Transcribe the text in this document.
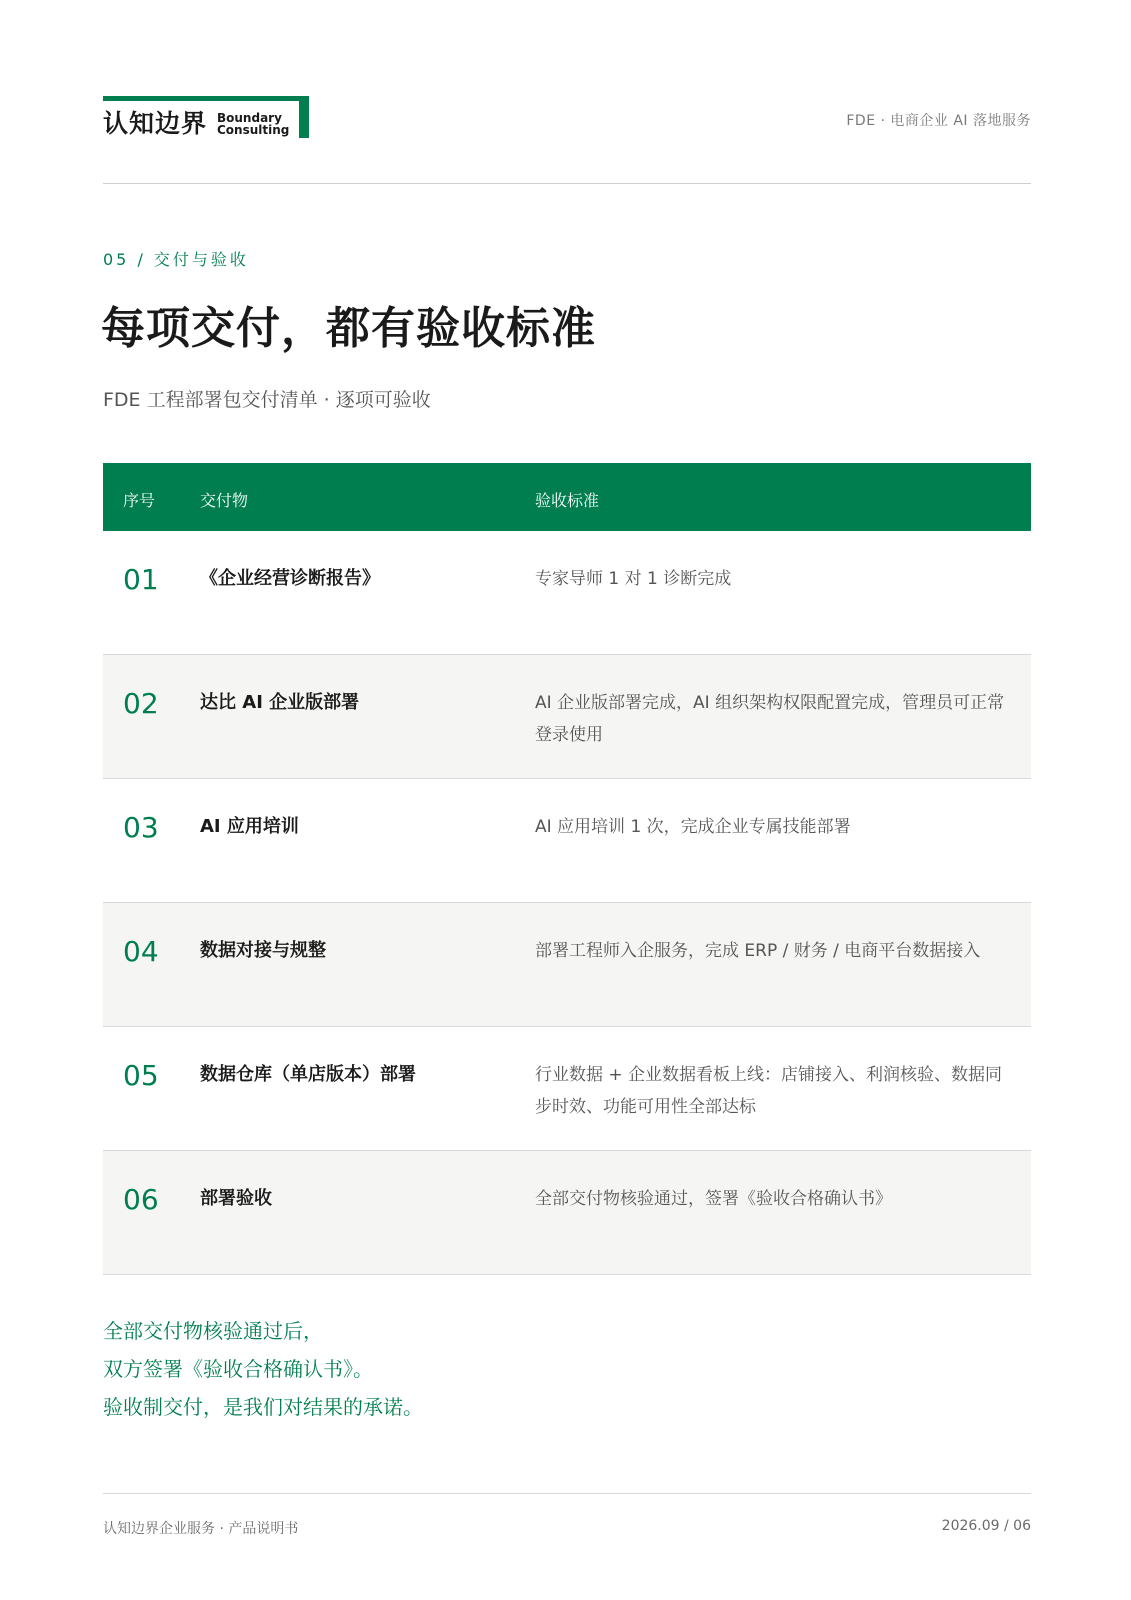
认知边界 Boundary
Consulting
FDE · 电商企业 AI 落地服务
05 / 交付与验收
每项交付，都有验收标准
FDE 工程部署包交付清单 · 逐项可验收
序号	交付物	验收标准
01 《企业经营诊断报告》	专家导师 1 对 1 诊断完成
02 达比 AI 企业版部署	AI 企业版部署完成，AI 组织架构权限配置完成，管理员可正常登录使用
03 AI 应用培训	AI 应用培训 1 次，完成企业专属技能部署
04 数据对接与规整	部署工程师入企服务，完成 ERP / 财务 / 电商平台数据接入
05 数据仓库（单店版本）部署	行业数据 + 企业数据看板上线：店铺接入、利润核验、数据同步时效、功能可用性全部达标
06 部署验收	全部交付物核验通过，签署《验收合格确认书》
全部交付物核验通过后，
双方签署《验收合格确认书》。
验收制交付，是我们对结果的承诺。
认知边界企业服务 · 产品说明书	2026.09 / 06
